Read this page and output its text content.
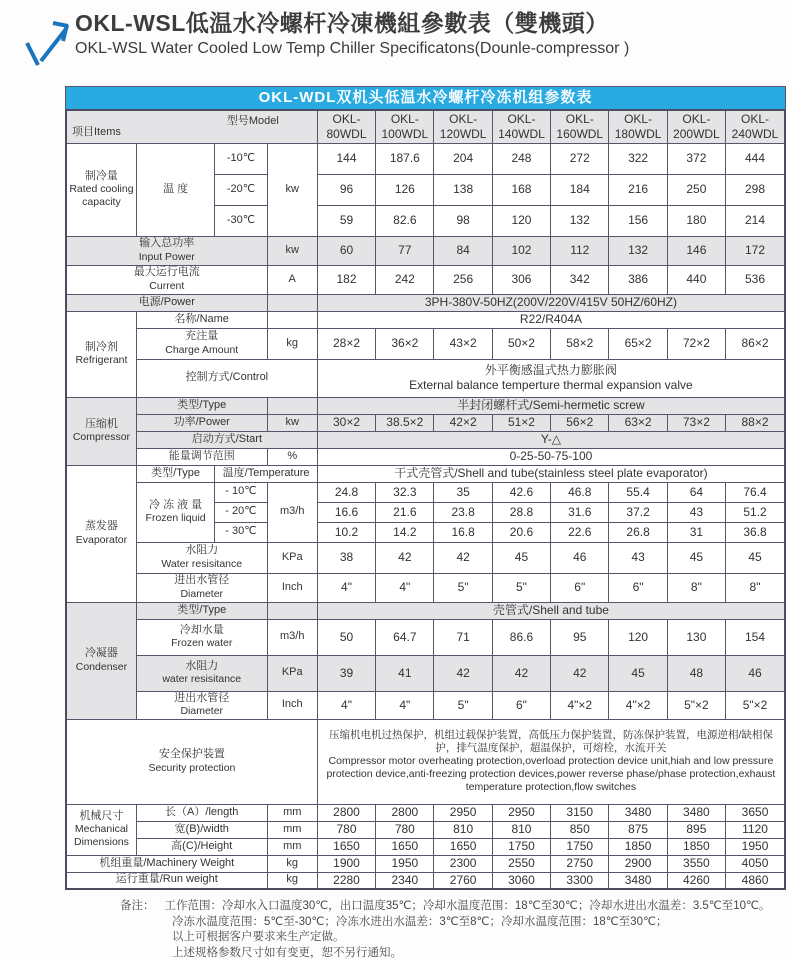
OKL-WSL低温水冷螺杆冷凍機組參數表（雙機頭）
OKL-WSL Water Cooled Low Temp Chiller Specificatons(Dounle-compressor )
OKL-WDL双机头低温水冷螺杆冷冻机组参数表
项目Items
型号Model				OKL-80WDL	OKL-100WDL	OKL-120WDL	OKL-140WDL	OKL-160WDL	OKL-180WDL	OKL-200WDL	OKL-240WDL

制冷量
Rated cooling capacity	温 度	-10℃	kw	144	187.6	204	248	272	322	372	444
		-20℃		96	126	138	168	184	216	250	298
		-30℃		59	82.6	98	120	132	156	180	214

输入总功率
Input Power			kw	60	77	84	102	112	132	146	172

最大运行电流
Current			A	182	242	256	306	342	386	440	536
电源/Power				3PH-380V-50HZ(200V/220V/415V 50HZ/60HZ)							

制冷剂
Refrigerant	名称/Name			R22/R404A							

	充注量
Charge Amount		kg	28×2	36×2	43×2	50×2	58×2	65×2	72×2	86×2
	控制方式/Control			外平衡感温式热力膨胀阀
External balance temperture thermal expansion valve							

压缩机
Compressor	类型/Type			半封闭螺杆式/Semi-hermetic screw							
	功率/Power		kw	30×2	38.5×2	42×2	51×2	56×2	63×2	73×2	88×2
	启动方式/Start			Y-△							
	能量调节范围		%	0-25-50-75-100							

蒸发器
Evaporator	类型/Type	温度/Temperature		干式壳管式/Shell and tube(stainless steel plate evaporator)							

	冷 冻 液 量
Frozen liquid	- 10℃	m3/h	24.8	32.3	35	42.6	46.8	55.4	64	76.4
		- 20℃		16.6	21.6	23.8	28.8	31.6	37.2	43	51.2
		- 30℃		10.2	14.2	16.8	20.6	22.6	26.8	31	36.8

	水阻力
Water resisitance		KPa	38	42	42	45	46	43	45	45

	进出水管径
Diameter		Inch	4"	4"	5"	5"	6"	6"	8"	8"

冷凝器
Condenser	类型/Type			壳管式/Shell and tube							

	冷却水量
Frozen water		m3/h	50	64.7	71	86.6	95	120	130	154

	水阻力
water resisitance		KPa	39	41	42	42	42	45	48	46

	进出水管径
Diameter		Inch	4"	4"	5"	6"	4"×2	4"×2	5"×2	5"×2

安全保护装置
Security protection				压缩机电机过热保护，机组过载保护装置，高低压力保护装置，防冻保护装置，电源逆相/缺相保护，排气温度保护，超温保护，可熔栓，水流开关
Compressor motor overheating protection,overload protection device unit,hiah and low pressure protection device,anti-freezing protection devices,power reverse phase/phase protection,exhaust temperature protection,flow switches							

机械尺寸
Mechanical
Dimensions	长（A）/length		mm	2800	2800	2950	2950	3150	3480	3480	3650
	宽(B)/width		mm	780	780	810	810	850	875	895	1120
	高(C)/Height		mm	1650	1650	1650	1750	1750	1850	1850	1950
机组重量/Machinery Weight			kg	1900	1950	2300	2550	2750	2900	3550	4050
运行重量/Run weight			kg	2280	2340	2760	3060	3300	3480	4260	4860
备注： 工作范围：冷却水入口温度30℃，出口温度35℃；冷却水温度范围：18℃至30℃；冷却水进出水温差：3.5℃至10℃。
冷冻水温度范围：5℃至-30℃；冷冻水进出水温差：3℃至8℃；冷却水温度范围：18℃至30℃；
以上可根据客户要求来生产定做。
上述规格参数尺寸如有变更，恕不另行通知。
